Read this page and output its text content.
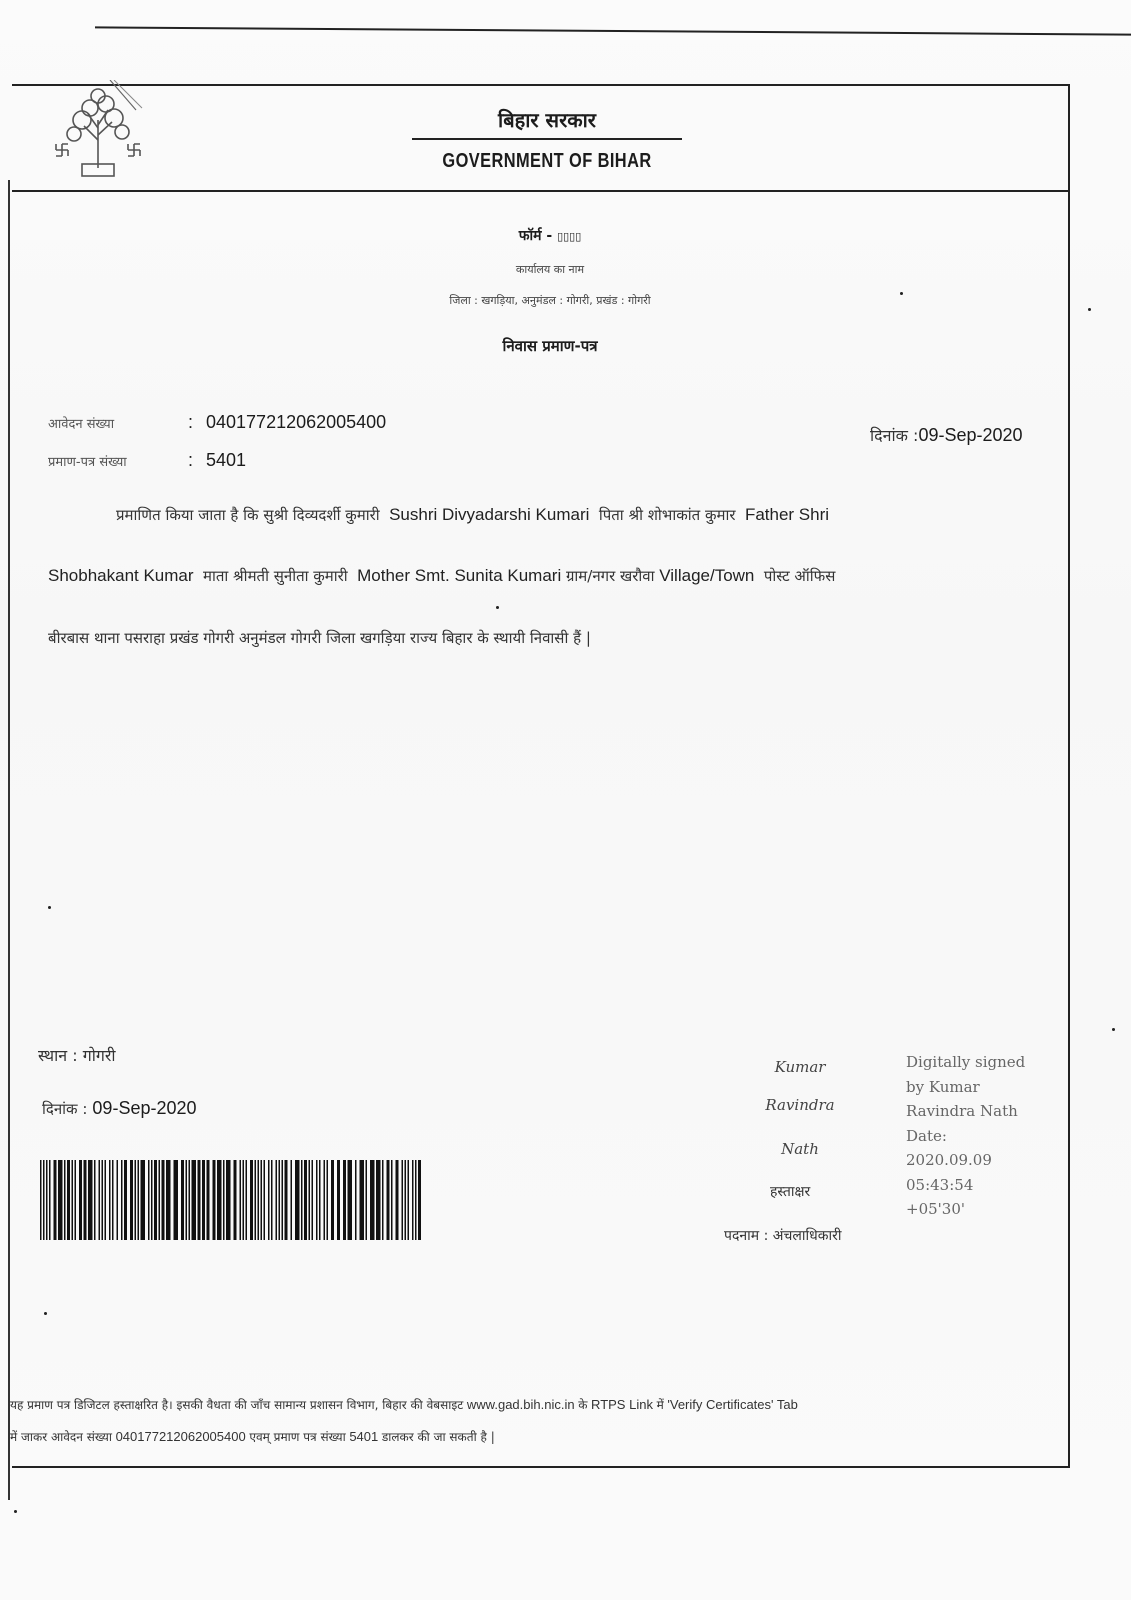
बिहार सरकार
GOVERNMENT OF BIHAR
फॉर्म - ▯▯▯▯
कार्यालय का नाम
जिला : खगड़िया, अनुमंडल : गोगरी, प्रखंड : गोगरी
निवास प्रमाण-पत्र
आवेदन संख्या	: 040177212062005400
प्रमाण-पत्र संख्या	: 5401
दिनांक :09-Sep-2020
प्रमाणित किया जाता है कि सुश्री दिव्यदर्शी कुमारी Sushri Divyadarshi Kumari पिता श्री शोभाकांत कुमार Father Shri
Shobhakant Kumar माता श्रीमती सुनीता कुमारी Mother Smt. Sunita Kumari ग्राम/नगर खरौवा Village/Town पोस्ट ऑफिस
बीरबास थाना पसराहा प्रखंड गोगरी अनुमंडल गोगरी जिला खगड़िया राज्य बिहार के स्थायी निवासी हैं |
स्थान : गोगरी
दिनांक : 09-Sep-2020
Kumar
Ravindra
Nath
हस्ताक्षर
पदनाम : अंचलाधिकारी
Digitally signed
by Kumar
Ravindra Nath
Date:
2020.09.09
05:43:54
+05'30'
यह प्रमाण पत्र डिजिटल हस्ताक्षरित है। इसकी वैधता की जाँच सामान्य प्रशासन विभाग, बिहार की वेबसाइट www.gad.bih.nic.in के RTPS Link में 'Verify Certificates' Tab
में जाकर आवेदन संख्या 040177212062005400 एवम् प्रमाण पत्र संख्या 5401 डालकर की जा सकती है |
